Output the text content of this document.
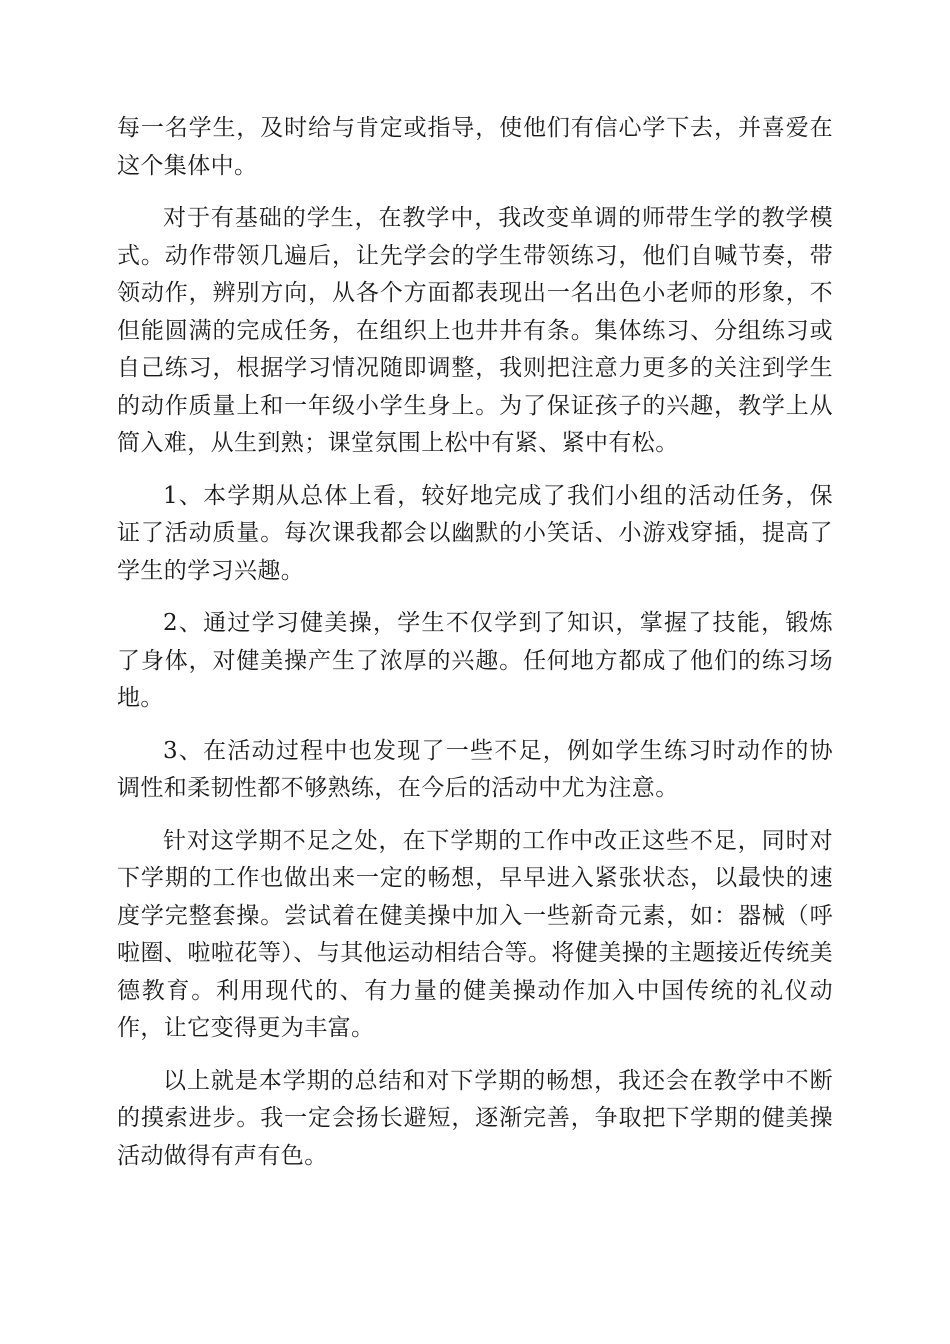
每一名学生，及时给与肯定或指导，使他们有信心学下去，并喜爱在这个集体中。

对于有基础的学生，在教学中，我改变单调的师带生学的教学模式。动作带领几遍后，让先学会的学生带领练习，他们自喊节奏，带领动作，辨别方向，从各个方面都表现出一名出色小老师的形象，不但能圆满的完成任务，在组织上也井井有条。集体练习、分组练习或自己练习，根据学习情况随即调整，我则把注意力更多的关注到学生的动作质量上和一年级小学生身上。为了保证孩子的兴趣，教学上从简入难，从生到熟；课堂氛围上松中有紧、紧中有松。

1、本学期从总体上看，较好地完成了我们小组的活动任务，保证了活动质量。每次课我都会以幽默的小笑话、小游戏穿插，提高了学生的学习兴趣。

2、通过学习健美操，学生不仅学到了知识，掌握了技能，锻炼了身体，对健美操产生了浓厚的兴趣。任何地方都成了他们的练习场地。

3、在活动过程中也发现了一些不足，例如学生练习时动作的协调性和柔韧性都不够熟练，在今后的活动中尤为注意。

针对这学期不足之处，在下学期的工作中改正这些不足，同时对下学期的工作也做出来一定的畅想，早早进入紧张状态，以最快的速度学完整套操。尝试着在健美操中加入一些新奇元素，如：器械（呼啦圈、啦啦花等）、与其他运动相结合等。将健美操的主题接近传统美德教育。利用现代的、有力量的健美操动作加入中国传统的礼仪动作，让它变得更为丰富。

以上就是本学期的总结和对下学期的畅想，我还会在教学中不断的摸索进步。我一定会扬长避短，逐渐完善，争取把下学期的健美操活动做得有声有色。
